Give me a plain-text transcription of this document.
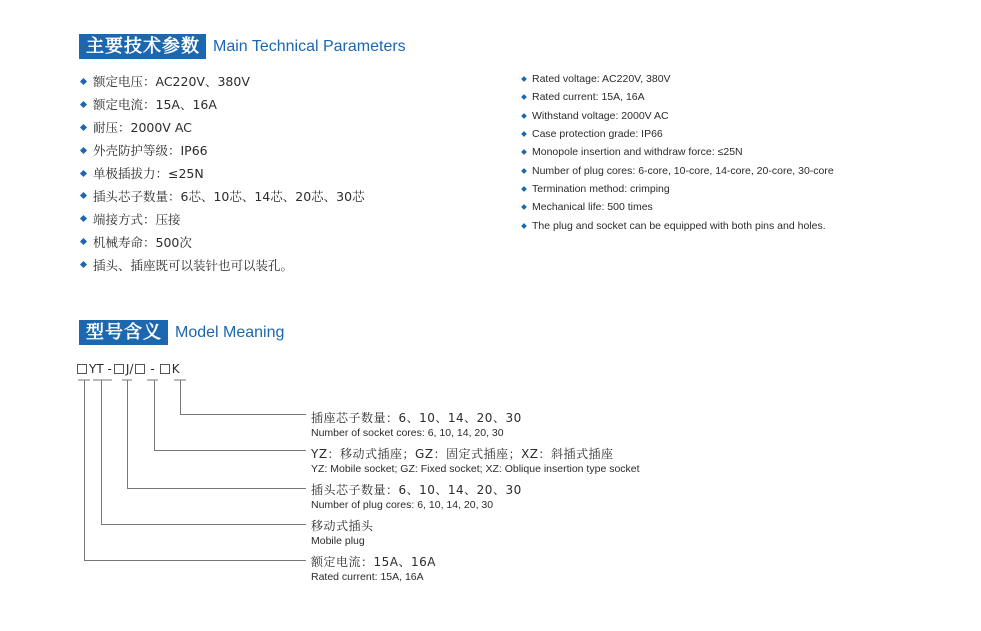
主要技术参数 Main Technical Parameters
额定电压：AC220V、380V
额定电流：15A、16A
耐压：2000V AC
外壳防护等级：IP66
单极插拔力：≤25N
插头芯子数量：6芯、10芯、14芯、20芯、30芯
端接方式：压接
机械寿命：500次
插头、插座既可以装针也可以装孔。
Rated voltage: AC220V, 380V
Rated current: 15A, 16A
Withstand voltage: 2000V AC
Case protection grade: IP66
Monopole insertion and withdraw force: ≤25N
Number of plug cores: 6-core, 10-core, 14-core, 20-core, 30-core
Termination method: crimping
Mechanical life: 500 times
The plug and socket can be equipped with both pins and holes.
型号含义 Model Meaning
YT - J/ - K
插座芯子数量：6、10、14、20、30
Number of socket cores: 6, 10, 14, 20, 30
YZ：移动式插座；GZ：固定式插座；XZ：斜插式插座
YZ: Mobile socket; GZ: Fixed socket; XZ: Oblique insertion type socket
插头芯子数量：6、10、14、20、30
Number of plug cores: 6, 10, 14, 20, 30
移动式插头
Mobile plug
额定电流：15A、16A
Rated current: 15A, 16A
